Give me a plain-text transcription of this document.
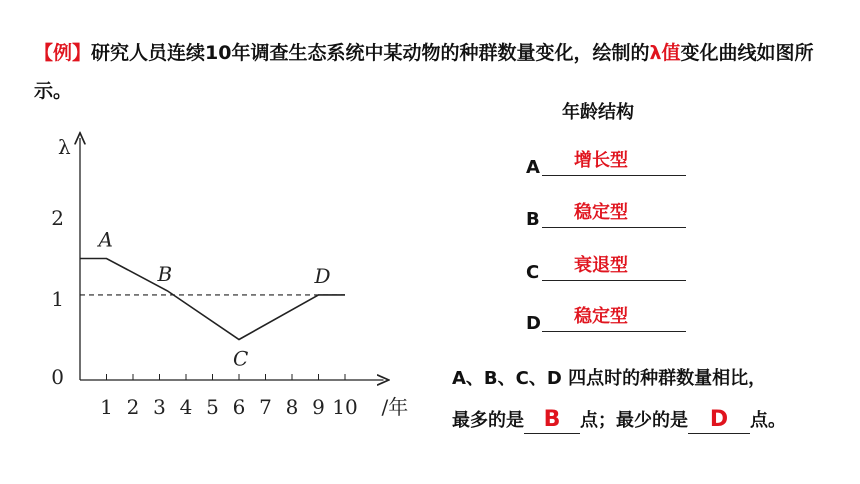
【例】研究人员连续10年调查生态系统中某动物的种群数量变化，绘制的λ值变化曲线如图所示。
λ
/年
1 2 3 4 5 6 7 8 9 10
0
1
2
A
B
C
D
年龄结构
A 增长型
B 稳定型
C 衰退型
D 稳定型
A、B、C、D 四点时的种群数量相比，
最多的是 B 点；最少的是 D 点。
